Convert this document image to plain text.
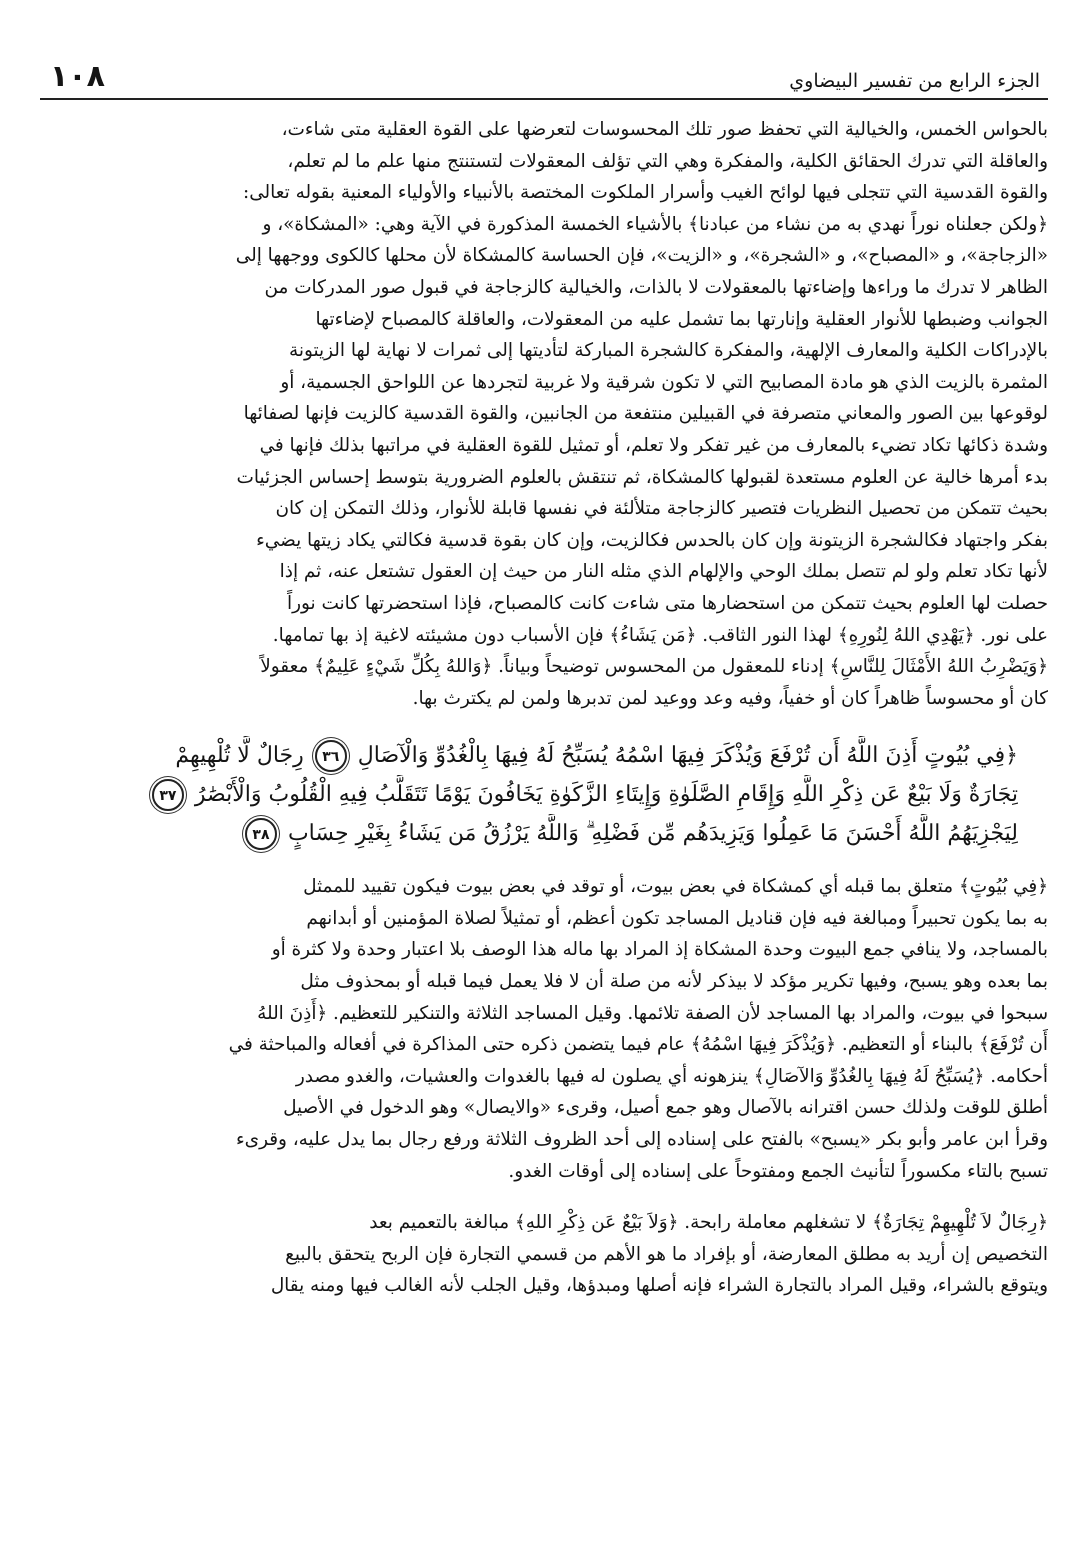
الجزء الرابع من تفسير البيضاوي
١٠٨

بالحواس الخمس، والخيالية التي تحفظ صور تلك المحسوسات لتعرضها على القوة العقلية متى شاءت،
والعاقلة التي تدرك الحقائق الكلية، والمفكرة وهي التي تؤلف المعقولات لتستنتج منها علم ما لم تعلم،
والقوة القدسية التي تتجلى فيها لوائح الغيب وأسرار الملكوت المختصة بالأنبياء والأولياء المعنية بقوله تعالى:
﴿ولكن جعلناه نوراً نهدي به من نشاء من عبادنا﴾ بالأشياء الخمسة المذكورة في الآية وهي: «المشكاة»، و
«الزجاجة»، و «المصباح»، و «الشجرة»، و «الزيت»، فإن الحساسة كالمشكاة لأن محلها كالكوى ووجهها إلى
الظاهر لا تدرك ما وراءها وإضاءتها بالمعقولات لا بالذات، والخيالية كالزجاجة في قبول صور المدركات من
الجوانب وضبطها للأنوار العقلية وإنارتها بما تشمل عليه من المعقولات، والعاقلة كالمصباح لإضاءتها
بالإدراكات الكلية والمعارف الإلهية، والمفكرة كالشجرة المباركة لتأديتها إلى ثمرات لا نهاية لها الزيتونة
المثمرة بالزيت الذي هو مادة المصابيح التي لا تكون شرقية ولا غربية لتجردها عن اللواحق الجسمية، أو
لوقوعها بين الصور والمعاني متصرفة في القبيلين منتفعة من الجانبين، والقوة القدسية كالزيت فإنها لصفائها
وشدة ذكائها تكاد تضيء بالمعارف من غير تفكر ولا تعلم، أو تمثيل للقوة العقلية في مراتبها بذلك فإنها في
بدء أمرها خالية عن العلوم مستعدة لقبولها كالمشكاة، ثم تنتقش بالعلوم الضرورية بتوسط إحساس الجزئيات
بحيث تتمكن من تحصيل النظريات فتصير كالزجاجة متلألئة في نفسها قابلة للأنوار، وذلك التمكن إن كان
بفكر واجتهاد فكالشجرة الزيتونة وإن كان بالحدس فكالزيت، وإن كان بقوة قدسية فكالتي يكاد زيتها يضيء
لأنها تكاد تعلم ولو لم تتصل بملك الوحي والإلهام الذي مثله النار من حيث إن العقول تشتعل عنه، ثم إذا
حصلت لها العلوم بحيث تتمكن من استحضارها متى شاءت كانت كالمصباح، فإذا استحضرتها كانت نوراً
على نور. ﴿يَهْدِي اللهُ لِنُورِهِ﴾ لهذا النور الثاقب. ﴿مَن يَشَاءُ﴾ فإن الأسباب دون مشيئته لاغية إذ بها تمامها.
﴿وَيَضْرِبُ اللهُ الأَمْثَالَ لِلنَّاسِ﴾ إدناء للمعقول من المحسوس توضيحاً وبياناً. ﴿وَاللهُ بِكُلِّ شَيْءٍ عَلِيمٌ﴾ معقولاً
كان أو محسوساً ظاهراً كان أو خفياً، وفيه وعد ووعيد لمن تدبرها ولمن لم يكترث بها.

﴿فِي بُيُوتٍ أَذِنَ اللَّهُ أَن تُرْفَعَ وَيُذْكَرَ فِيهَا اسْمُهُ يُسَبِّحُ لَهُ فِيهَا بِالْغُدُوِّ وَالْآصَالِ ٣٦ رِجَالٌ لَّا تُلْهِيهِمْ
تِجَارَةٌ وَلَا بَيْعٌ عَن ذِكْرِ اللَّهِ وَإِقَامِ الصَّلَوٰةِ وَإِيتَاءِ الزَّكَوٰةِ يَخَافُونَ يَوْمًا تَتَقَلَّبُ فِيهِ الْقُلُوبُ وَالْأَبْصَٰرُ ٣٧
لِيَجْزِيَهُمُ اللَّهُ أَحْسَنَ مَا عَمِلُوا وَيَزِيدَهُم مِّن فَضْلِهِ ۗ وَاللَّهُ يَرْزُقُ مَن يَشَاءُ بِغَيْرِ حِسَابٍ ٣٨

﴿فِي بُيُوتٍ﴾ متعلق بما قبله أي كمشكاة في بعض بيوت، أو توقد في بعض بيوت فيكون تقييد للممثل
به بما يكون تحبيراً ومبالغة فيه فإن قناديل المساجد تكون أعظم، أو تمثيلاً لصلاة المؤمنين أو أبدانهم
بالمساجد، ولا ينافي جمع البيوت وحدة المشكاة إذ المراد بها ماله هذا الوصف بلا اعتبار وحدة ولا كثرة أو
بما بعده وهو يسبح، وفيها تكرير مؤكد لا بيذكر لأنه من صلة أن لا فلا يعمل فيما قبله أو بمحذوف مثل
سبحوا في بيوت، والمراد بها المساجد لأن الصفة تلائمها. وقيل المساجد الثلاثة والتنكير للتعظيم. ﴿أَذِنَ اللهُ
أَن تُرْفَعَ﴾ بالبناء أو التعظيم. ﴿وَيُذْكَرَ فِيهَا اسْمُهُ﴾ عام فيما يتضمن ذكره حتى المذاكرة في أفعاله والمباحثة في
أحكامه. ﴿يُسَبِّحُ لَهُ فِيهَا بِالغُدُوِّ وَالآصَالِ﴾ ينزهونه أي يصلون له فيها بالغدوات والعشيات، والغدو مصدر
أطلق للوقت ولذلك حسن اقترانه بالآصال وهو جمع أصيل، وقرىء «والايصال» وهو الدخول في الأصيل
وقرأ ابن عامر وأبو بكر «يسبح» بالفتح على إسناده إلى أحد الظروف الثلاثة ورفع رجال بما يدل عليه، وقرىء
تسبح بالتاء مكسوراً لتأنيث الجمع ومفتوحاً على إسناده إلى أوقات الغدو.

﴿رِجَالٌ لاَ تُلْهِيهِمْ تِجَارَةٌ﴾ لا تشغلهم معاملة رابحة. ﴿وَلاَ بَيْعٌ عَن ذِكْرِ اللهِ﴾ مبالغة بالتعميم بعد
التخصيص إن أريد به مطلق المعارضة، أو بإفراد ما هو الأهم من قسمي التجارة فإن الربح يتحقق بالبيع
ويتوقع بالشراء، وقيل المراد بالتجارة الشراء فإنه أصلها ومبدؤها، وقيل الجلب لأنه الغالب فيها ومنه يقال
